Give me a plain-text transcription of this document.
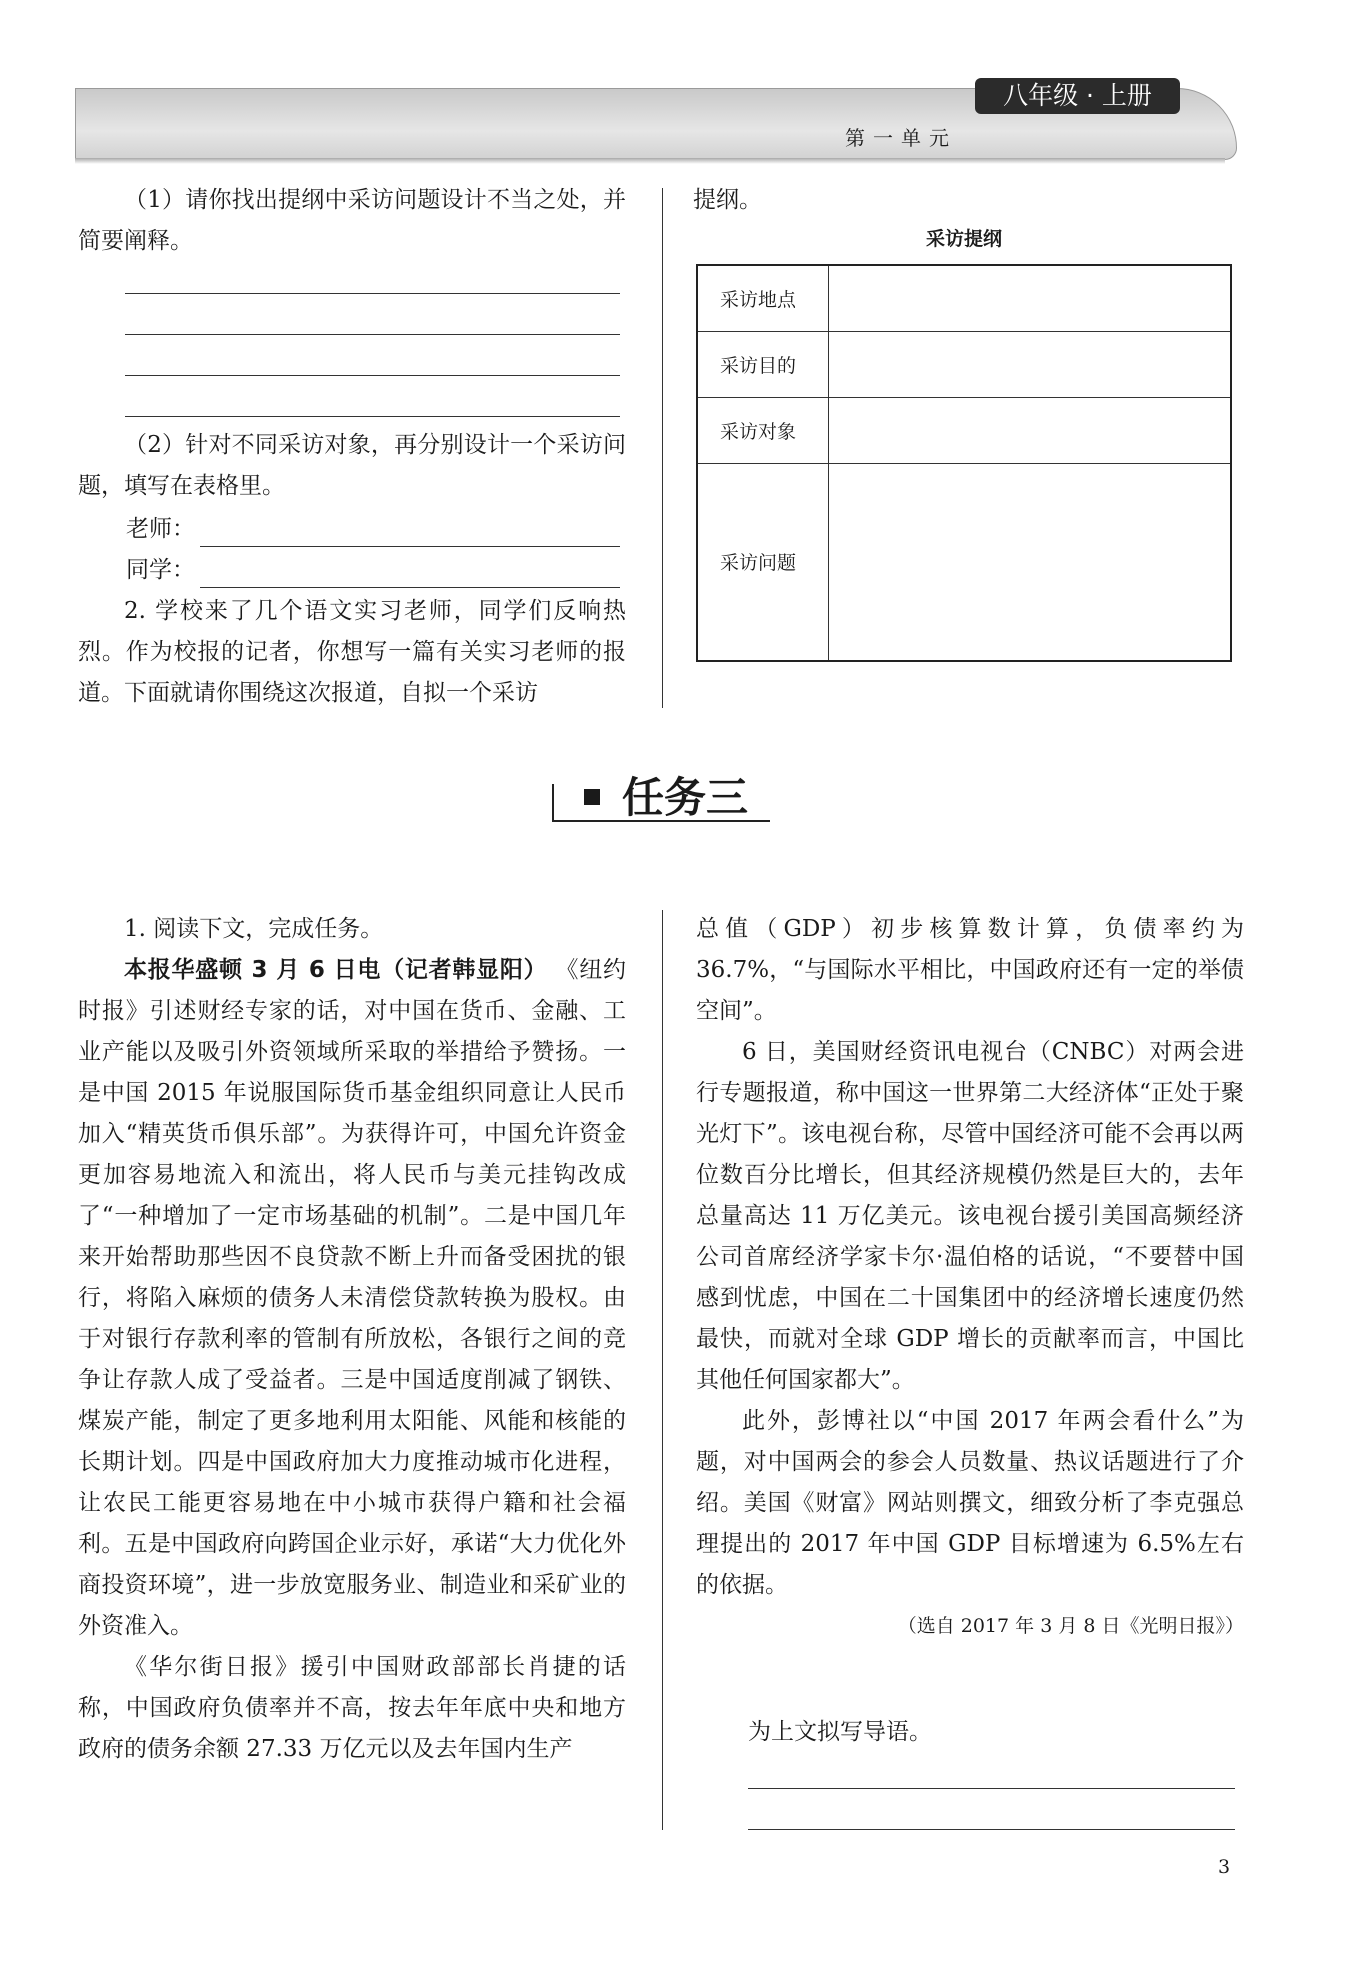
八年级 · 上册
第一单元

（1）请你找出提纲中采访问题设计不当之处，并简要阐释。

（2）针对不同采访对象，再分别设计一个采访问题，填写在表格里。

老师：
同学：

2. 学校来了几个语文实习老师，同学们反响热烈。作为校报的记者，你想写一篇有关实习老师的报道。下面就请你围绕这次报道，自拟一个采访

提纲。
采访提纲
采访地点	
采访目的	
采访对象	
采访问题	
任务三

1. 阅读下文，完成任务。

本报华盛顿 3 月 6 日电（记者韩显阳） 《纽约时报》引述财经专家的话，对中国在货币、金融、工业产能以及吸引外资领域所采取的举措给予赞扬。一是中国 2015 年说服国际货币基金组织同意让人民币加入“精英货币俱乐部”。为获得许可，中国允许资金更加容易地流入和流出，将人民币与美元挂钩改成了“一种增加了一定市场基础的机制”。二是中国几年来开始帮助那些因不良贷款不断上升而备受困扰的银行，将陷入麻烦的债务人未清偿贷款转换为股权。由于对银行存款利率的管制有所放松，各银行之间的竞争让存款人成了受益者。三是中国适度削减了钢铁、煤炭产能，制定了更多地利用太阳能、风能和核能的长期计划。四是中国政府加大力度推动城市化进程，让农民工能更容易地在中小城市获得户籍和社会福利。五是中国政府向跨国企业示好，承诺“大力优化外商投资环境”，进一步放宽服务业、制造业和采矿业的外资准入。

《华尔街日报》援引中国财政部部长肖捷的话称，中国政府负债率并不高，按去年年底中央和地方政府的债务余额 27.33 万亿元以及去年国内生产

总值（GDP）初步核算数计算，负债率约为 36.7%，“与国际水平相比，中国政府还有一定的举债空间”。

6 日，美国财经资讯电视台（CNBC）对两会进行专题报道，称中国这一世界第二大经济体“正处于聚光灯下”。该电视台称，尽管中国经济可能不会再以两位数百分比增长，但其经济规模仍然是巨大的，去年总量高达 11 万亿美元。该电视台援引美国高频经济公司首席经济学家卡尔·温伯格的话说，“不要替中国感到忧虑，中国在二十国集团中的经济增长速度仍然最快，而就对全球 GDP 增长的贡献率而言，中国比其他任何国家都大”。

此外，彭博社以“中国 2017 年两会看什么”为题，对中国两会的参会人员数量、热议话题进行了介绍。美国《财富》网站则撰文，细致分析了李克强总理提出的 2017 年中国 GDP 目标增速为 6.5%左右的依据。

（选自 2017 年 3 月 8 日《光明日报》）

为上文拟写导语。
3
